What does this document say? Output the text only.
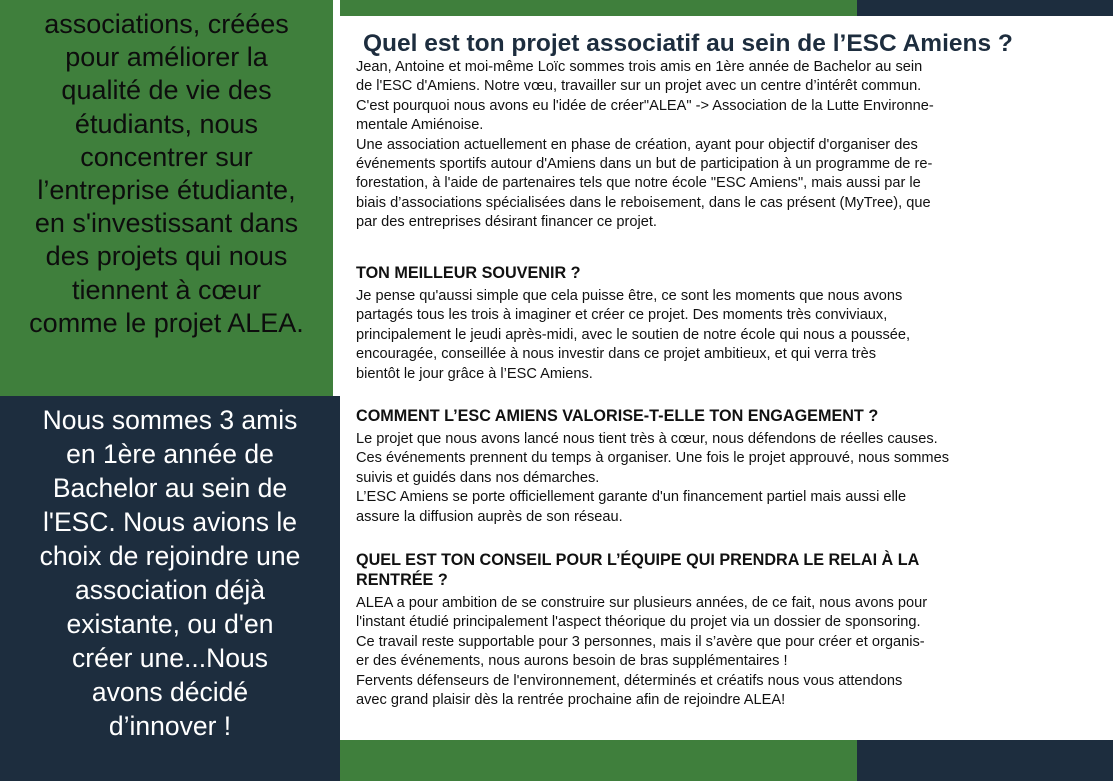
associations, créées
pour améliorer la
qualité de vie des
étudiants, nous
concentrer sur
l’entreprise étudiante,
en s'investissant dans
des projets qui nous
tiennent à cœur
comme le projet ALEA.
Nous sommes 3 amis
en 1ère année de
Bachelor au sein de
l'ESC. Nous avions le
choix de rejoindre une
association déjà
existante, ou d'en
créer une...Nous
avons décidé
d’innover !
Quel est ton projet associatif au sein de l’ESC Amiens ?
Jean, Antoine et moi-même Loïc sommes trois amis en 1ère année de Bachelor au sein
de l'ESC d'Amiens. Notre vœu, travailler sur un projet avec un centre d’intérêt commun.
C'est pourquoi nous avons eu l'idée de créer"ALEA" -> Association de la Lutte Environne-
mentale Amiénoise.
Une association actuellement en phase de création, ayant pour objectif d'organiser des
événements sportifs autour d'Amiens dans un but de participation à un programme de re-
forestation, à l'aide de partenaires tels que notre école "ESC Amiens", mais aussi par le
biais d’associations spécialisées dans le reboisement, dans le cas présent (MyTree), que
par des entreprises désirant financer ce projet.
TON MEILLEUR SOUVENIR ?
Je pense qu'aussi simple que cela puisse être, ce sont les moments que nous avons
partagés tous les trois à imaginer et créer ce projet. Des moments très conviviaux,
principalement le jeudi après-midi, avec le soutien de notre école qui nous a poussée,
encouragée, conseillée à nous investir dans ce projet ambitieux, et qui verra très
bientôt le jour grâce à l’ESC Amiens.
COMMENT L’ESC AMIENS VALORISE-T-ELLE TON ENGAGEMENT ?
Le projet que nous avons lancé nous tient très à cœur, nous défendons de réelles causes.
Ces événements prennent du temps à organiser. Une fois le projet approuvé, nous sommes
suivis et guidés dans nos démarches.
L’ESC Amiens se porte officiellement garante d'un financement partiel mais aussi elle
assure la diffusion auprès de son réseau.
QUEL EST TON CONSEIL POUR L’ÉQUIPE QUI PRENDRA LE RELAI À LA
RENTRÉE ?
ALEA a pour ambition de se construire sur plusieurs années, de ce fait, nous avons pour
l'instant étudié principalement l'aspect théorique du projet via un dossier de sponsoring.
Ce travail reste supportable pour 3 personnes, mais il s’avère que pour créer et organis-
er des événements, nous aurons besoin de bras supplémentaires !
Fervents défenseurs de l'environnement, déterminés et créatifs nous vous attendons
avec grand plaisir dès la rentrée prochaine afin de rejoindre ALEA!
